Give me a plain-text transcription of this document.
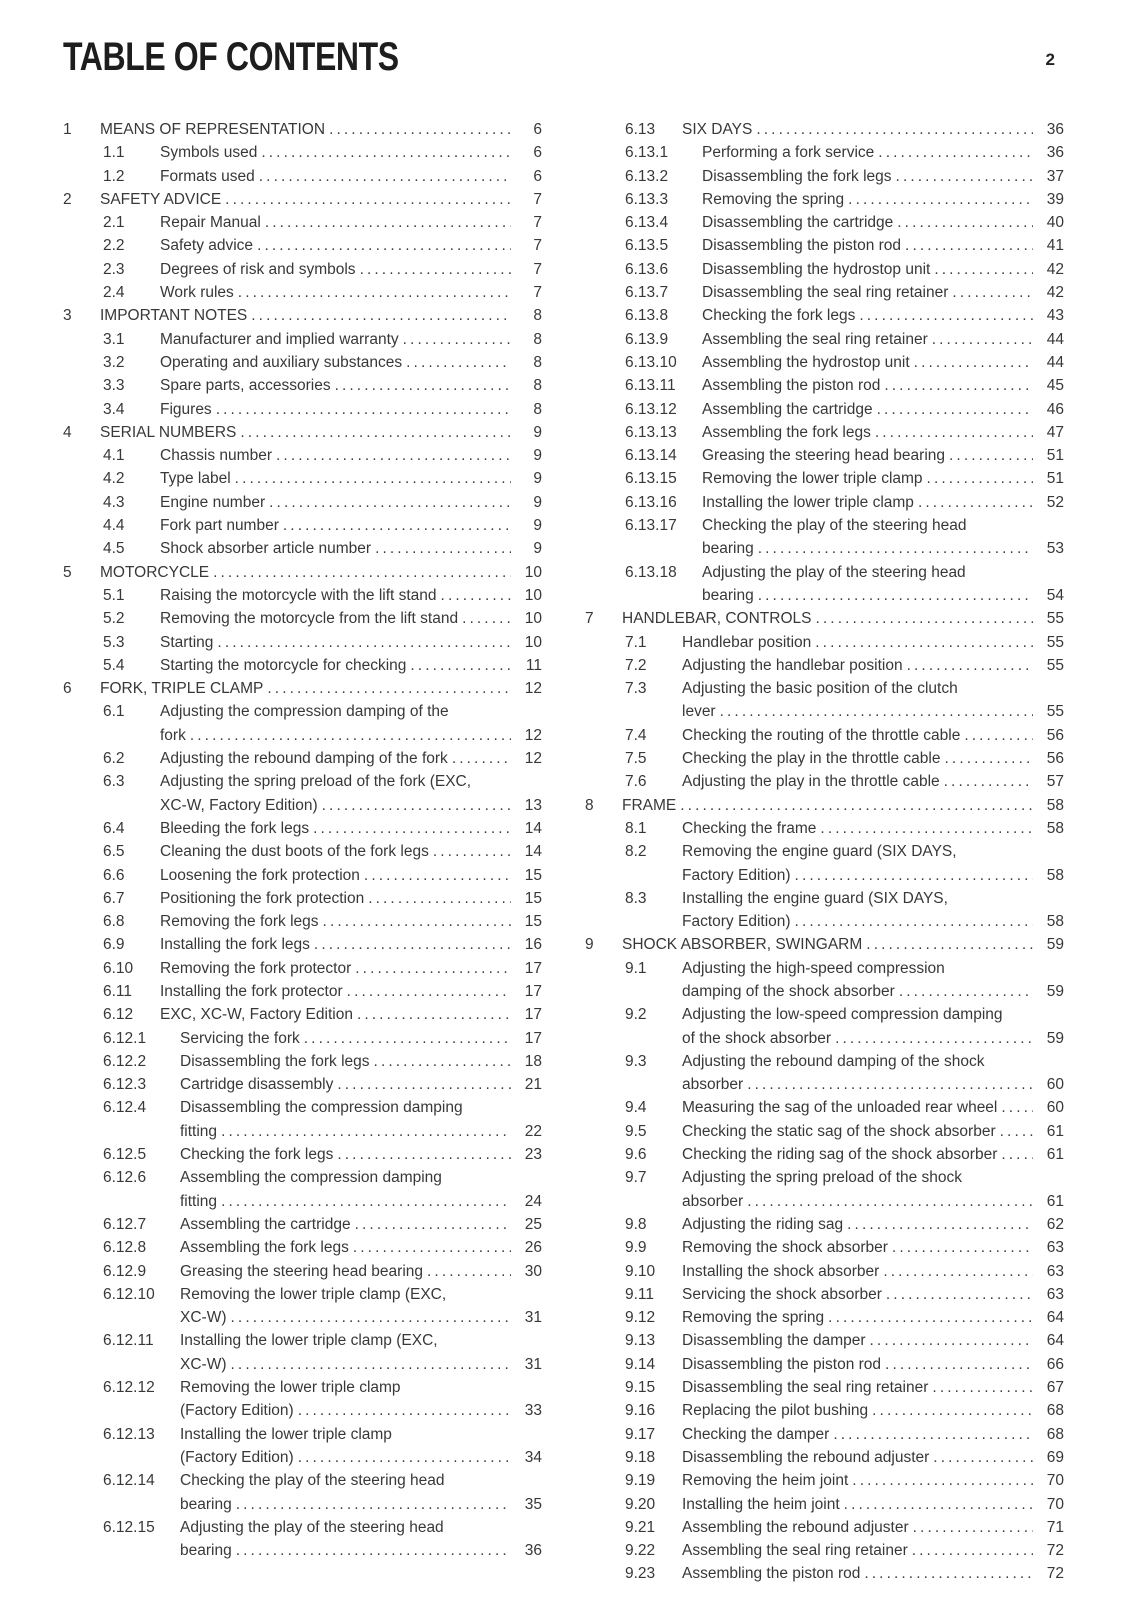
TABLE OF CONTENTS	2
1	MEANS OF REPRESENTATION .....	6
1.1	Symbols used .....	6
1.2	Formats used .....	6
2	SAFETY ADVICE .....	7
2.1	Repair Manual .....	7
2.2	Safety advice .....	7
2.3	Degrees of risk and symbols .....	7
2.4	Work rules .....	7
3	IMPORTANT NOTES .....	8
3.1	Manufacturer and implied warranty .....	8
3.2	Operating and auxiliary substances .....	8
3.3	Spare parts, accessories .....	8
3.4	Figures .....	8
4	SERIAL NUMBERS .....	9
4.1	Chassis number .....	9
4.2	Type label .....	9
4.3	Engine number .....	9
4.4	Fork part number .....	9
4.5	Shock absorber article number .....	9
5	MOTORCYCLE .....	10
5.1	Raising the motorcycle with the lift stand .....	10
5.2	Removing the motorcycle from the lift stand .....	10
5.3	Starting .....	10
5.4	Starting the motorcycle for checking .....	11
6	FORK, TRIPLE CLAMP .....	12
6.1	Adjusting the compression damping of the
fork .....	12
6.2	Adjusting the rebound damping of the fork .....	12
6.3	Adjusting the spring preload of the fork (EXC,
XC-W, Factory Edition) .....	13
6.4	Bleeding the fork legs .....	14
6.5	Cleaning the dust boots of the fork legs .....	14
6.6	Loosening the fork protection .....	15
6.7	Positioning the fork protection .....	15
6.8	Removing the fork legs .....	15
6.9	Installing the fork legs .....	16
6.10	Removing the fork protector .....	17
6.11	Installing the fork protector .....	17
6.12	EXC, XC-W, Factory Edition .....	17
6.12.1	Servicing the fork .....	17
6.12.2	Disassembling the fork legs .....	18
6.12.3	Cartridge disassembly .....	21
6.12.4	Disassembling the compression damping
fitting .....	22
6.12.5	Checking the fork legs .....	23
6.12.6	Assembling the compression damping
fitting .....	24
6.12.7	Assembling the cartridge .....	25
6.12.8	Assembling the fork legs .....	26
6.12.9	Greasing the steering head bearing .....	30
6.12.10	Removing the lower triple clamp (EXC,
XC-W) .....	31
6.12.11	Installing the lower triple clamp (EXC,
XC-W) .....	31
6.12.12	Removing the lower triple clamp
(Factory Edition) .....	33
6.12.13	Installing the lower triple clamp
(Factory Edition) .....	34
6.12.14	Checking the play of the steering head
bearing .....	35
6.12.15	Adjusting the play of the steering head
bearing .....	36
6.13	SIX DAYS .....	36
6.13.1	Performing a fork service .....	36
6.13.2	Disassembling the fork legs .....	37
6.13.3	Removing the spring .....	39
6.13.4	Disassembling the cartridge .....	40
6.13.5	Disassembling the piston rod .....	41
6.13.6	Disassembling the hydrostop unit .....	42
6.13.7	Disassembling the seal ring retainer .....	42
6.13.8	Checking the fork legs .....	43
6.13.9	Assembling the seal ring retainer .....	44
6.13.10	Assembling the hydrostop unit .....	44
6.13.11	Assembling the piston rod .....	45
6.13.12	Assembling the cartridge .....	46
6.13.13	Assembling the fork legs .....	47
6.13.14	Greasing the steering head bearing .....	51
6.13.15	Removing the lower triple clamp .....	51
6.13.16	Installing the lower triple clamp .....	52
6.13.17	Checking the play of the steering head
bearing .....	53
6.13.18	Adjusting the play of the steering head
bearing .....	54
7	HANDLEBAR, CONTROLS .....	55
7.1	Handlebar position .....	55
7.2	Adjusting the handlebar position .....	55
7.3	Adjusting the basic position of the clutch
lever .....	55
7.4	Checking the routing of the throttle cable .....	56
7.5	Checking the play in the throttle cable .....	56
7.6	Adjusting the play in the throttle cable .....	57
8	FRAME .....	58
8.1	Checking the frame .....	58
8.2	Removing the engine guard (SIX DAYS,
Factory Edition) .....	58
8.3	Installing the engine guard (SIX DAYS,
Factory Edition) .....	58
9	SHOCK ABSORBER, SWINGARM .....	59
9.1	Adjusting the high-speed compression
damping of the shock absorber .....	59
9.2	Adjusting the low-speed compression damping
of the shock absorber .....	59
9.3	Adjusting the rebound damping of the shock
absorber .....	60
9.4	Measuring the sag of the unloaded rear wheel .....	60
9.5	Checking the static sag of the shock absorber .....	61
9.6	Checking the riding sag of the shock absorber .....	61
9.7	Adjusting the spring preload of the shock
absorber .....	61
9.8	Adjusting the riding sag .....	62
9.9	Removing the shock absorber .....	63
9.10	Installing the shock absorber .....	63
9.11	Servicing the shock absorber .....	63
9.12	Removing the spring .....	64
9.13	Disassembling the damper .....	64
9.14	Disassembling the piston rod .....	66
9.15	Disassembling the seal ring retainer .....	67
9.16	Replacing the pilot bushing .....	68
9.17	Checking the damper .....	68
9.18	Disassembling the rebound adjuster .....	69
9.19	Removing the heim joint .....	70
9.20	Installing the heim joint .....	70
9.21	Assembling the rebound adjuster .....	71
9.22	Assembling the seal ring retainer .....	72
9.23	Assembling the piston rod .....	72
